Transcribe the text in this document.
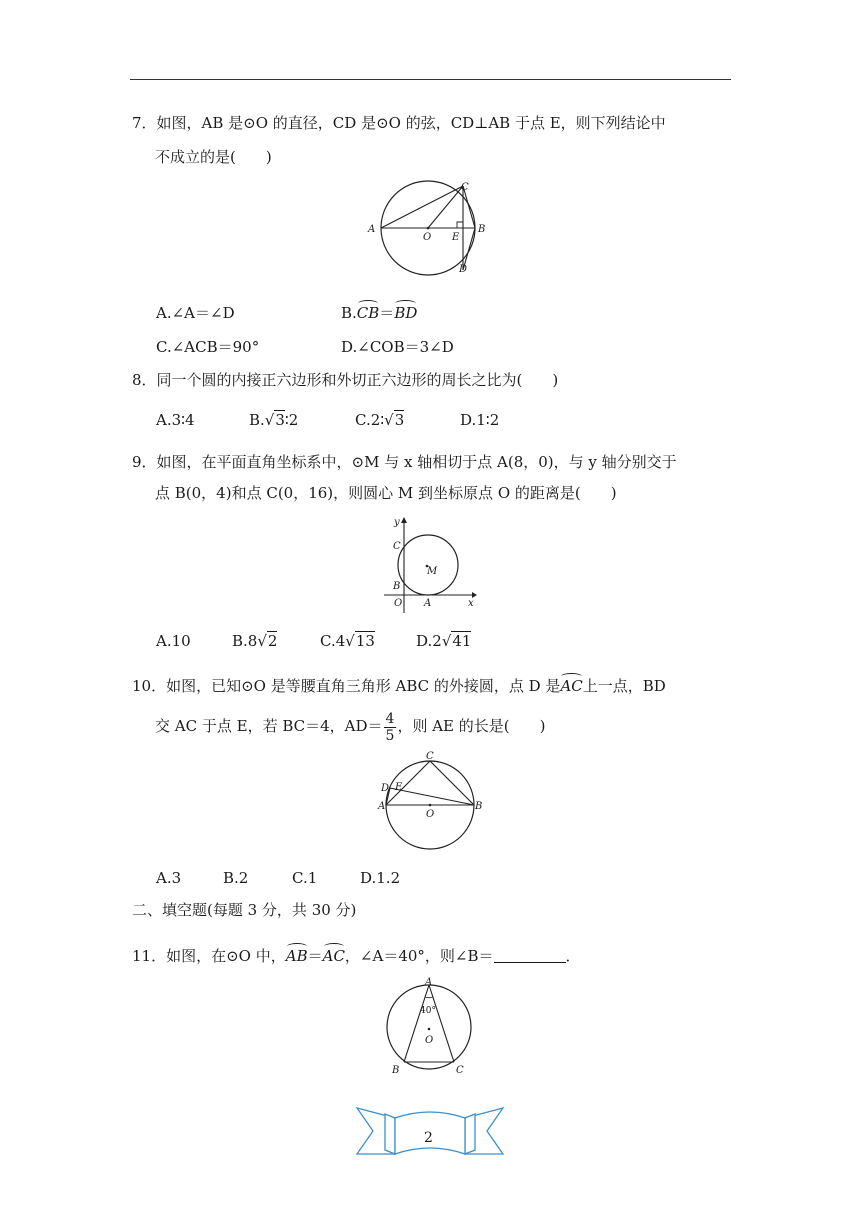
7．如图，AB 是⊙O 的直径，CD 是⊙O 的弦，CD⊥AB 于点 E，则下列结论中
不成立的是(　　)
A
O E
B
C
D
A.∠A＝∠D	B.CB＝BD
C.∠ACB＝90°	D.∠COB＝3∠D
8．同一个圆的内接正六边形和外切正六边形的周长之比为(　　)
A.3∶4	B.√3∶2	C.2∶√3	D.1∶2
9．如图，在平面直角坐标系中，⊙M 与 x 轴相切于点 A(8，0)，与 y 轴分别交于
点 B(0，4)和点 C(0，16)，则圆心 M 到坐标原点 O 的距离是(　　)
y
x
C
M
B
O A
A.10	B.8√2	C.4√13	D.2√41
10．如图，已知⊙O 是等腰直角三角形 ABC 的外接圆，点 D 是AC上一点，BD
交 AC 于点 E，若 BC＝4，$AD= \frac{4}{5}$ ，则 AE 的长是(　　)
C
D E
A	B
O
A.3	B.2	C.1	D.1.2
二、填空题(每题 3 分，共 30 分)
11．如图，在⊙O 中，AB＝AC，∠A＝40°，则∠B＝	．
A
40°
O
B	C
2
